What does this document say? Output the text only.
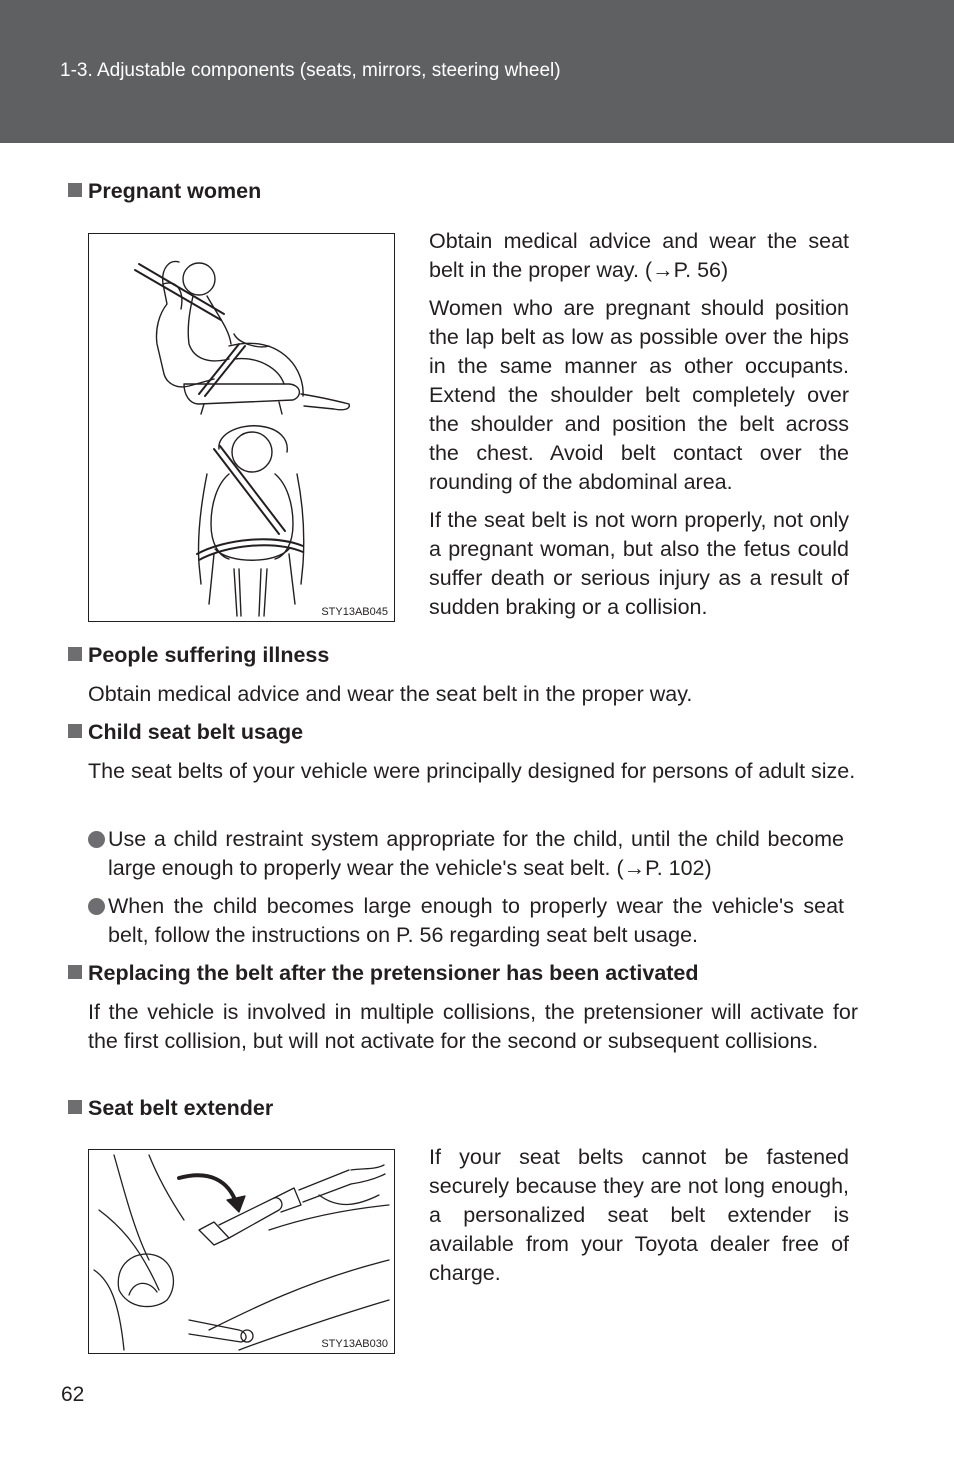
1-3. Adjustable components (seats, mirrors, steering wheel)
Pregnant women
STY13AB045

Obtain medical advice and wear the seat belt in the proper way. (→P. 56)

Women who are pregnant should position the lap belt as low as possible over the hips in the same manner as other occupants. Extend the shoulder belt completely over the shoulder and position the belt across the chest. Avoid belt contact over the rounding of the abdominal area.

If the seat belt is not worn properly, not only a pregnant woman, but also the fetus could suffer death or serious injury as a result of sudden braking or a collision.

People suffering illness

Obtain medical advice and wear the seat belt in the proper way.

Child seat belt usage

The seat belts of your vehicle were principally designed for persons of adult size.

Use a child restraint system appropriate for the child, until the child become large enough to properly wear the vehicle's seat belt. (→P. 102)
When the child becomes large enough to properly wear the vehicle's seat belt, follow the instructions on P. 56 regarding seat belt usage.
Replacing the belt after the pretensioner has been activated

If the vehicle is involved in multiple collisions, the pretensioner will activate for the first collision, but will not activate for the second or subsequent collisions.

Seat belt extender
STY13AB030

If your seat belts cannot be fastened securely because they are not long enough, a personalized seat belt extender is available from your Toyota dealer free of charge.

62
